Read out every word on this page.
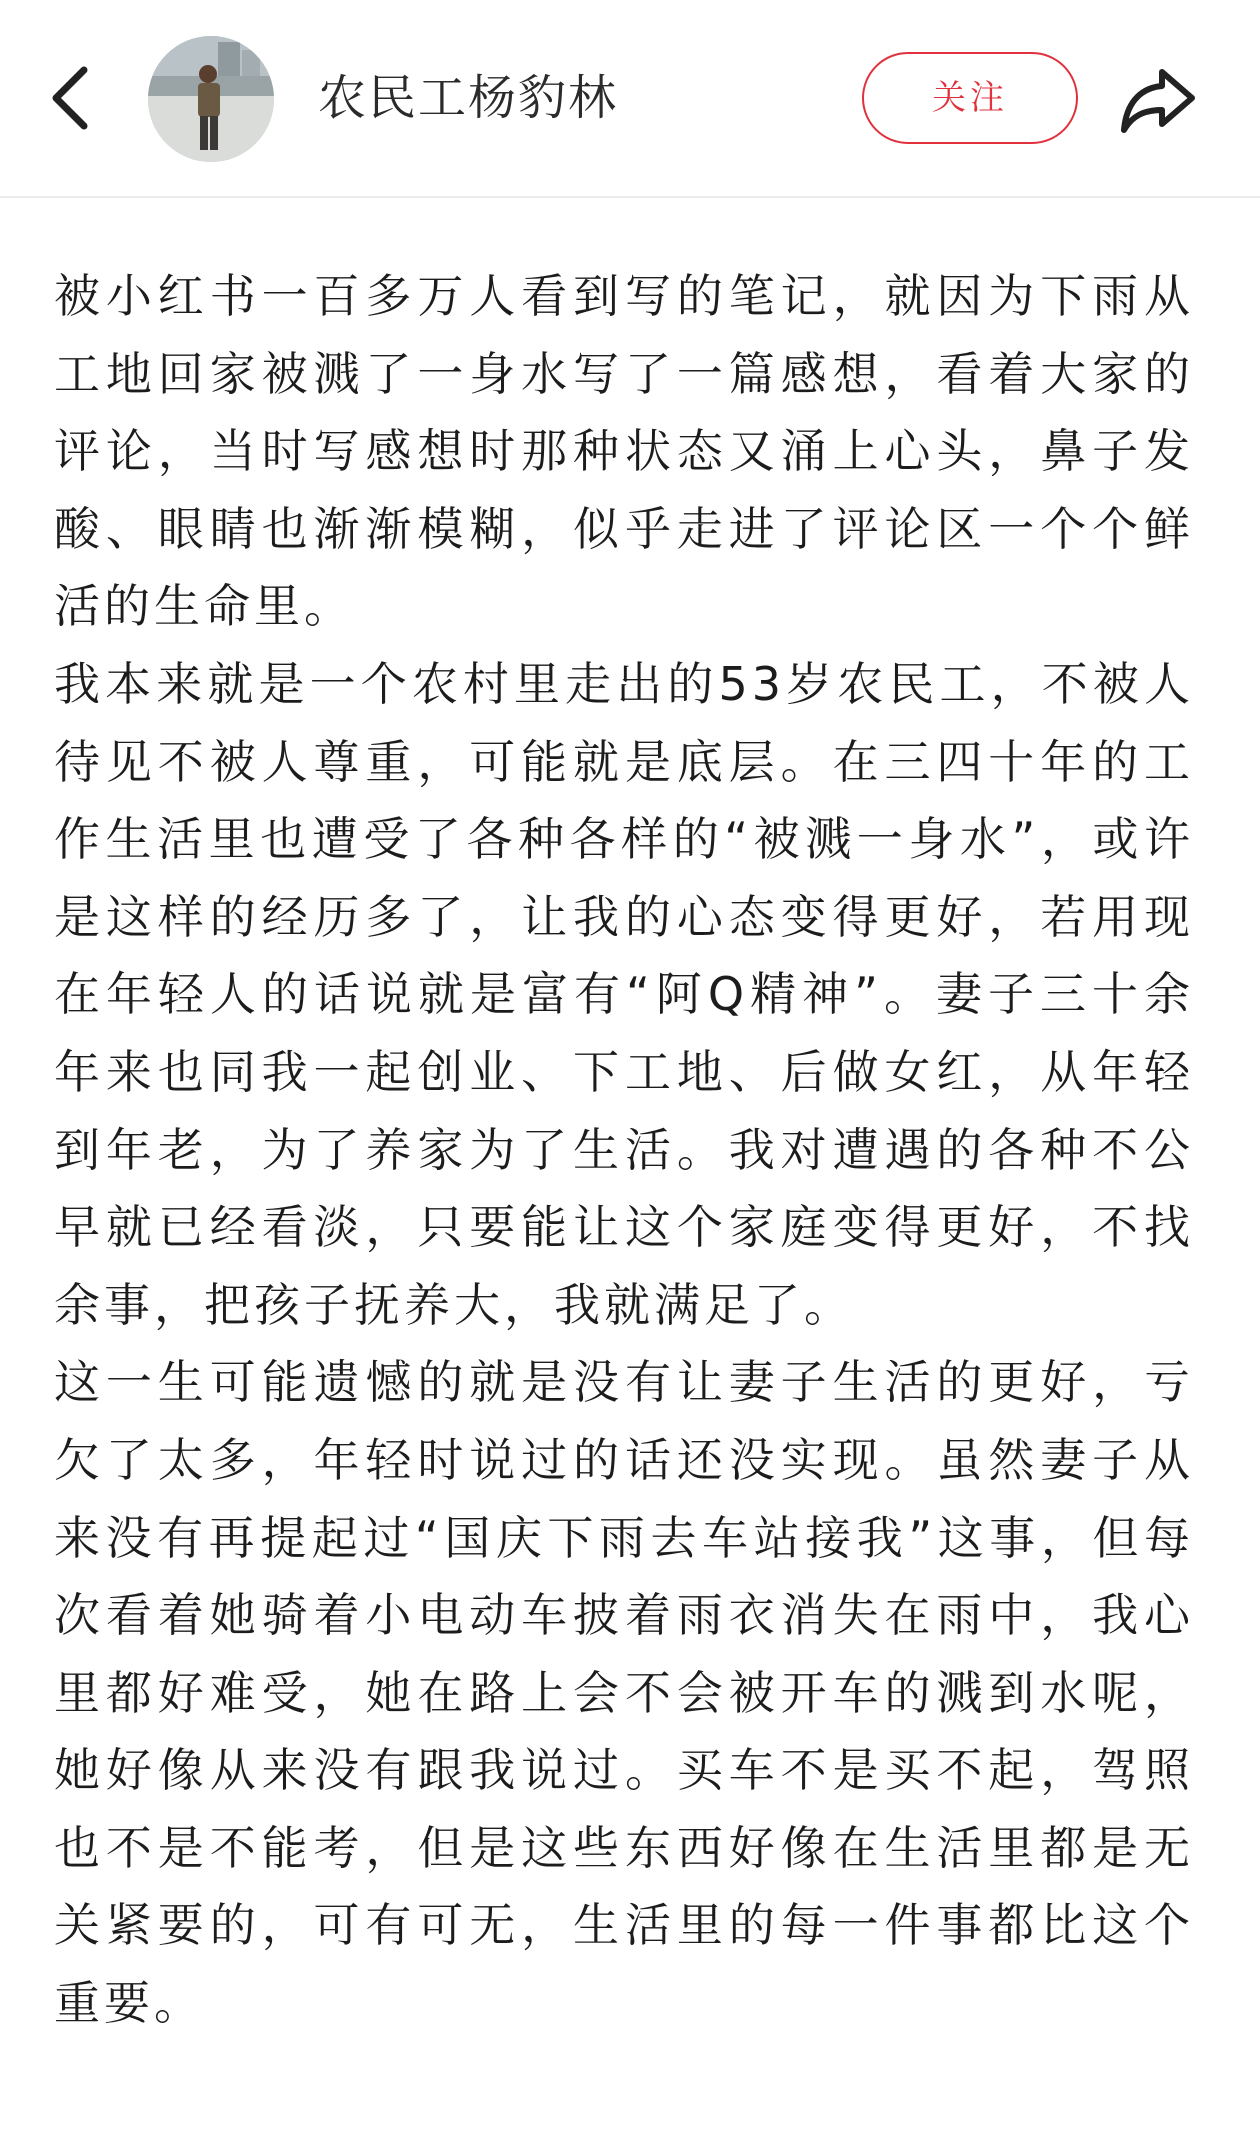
农民工杨豹林	关注

被小红书一百多万人看到写的笔记，就因为下雨从工地回家被溅了一身水写了一篇感想，看着大家的评论，当时写感想时那种状态又涌上心头，鼻子发酸、眼睛也渐渐模糊，似乎走进了评论区一个个鲜活的生命里。

我本来就是一个农村里走出的53岁农民工，不被人待见不被人尊重，可能就是底层。在三四十年的工作生活里也遭受了各种各样的“被溅一身水”，或许是这样的经历多了，让我的心态变得更好，若用现在年轻人的话说就是富有“阿Q精神”。妻子三十余年来也同我一起创业、下工地、后做女红，从年轻到年老，为了养家为了生活。我对遭遇的各种不公早就已经看淡，只要能让这个家庭变得更好，不找余事，把孩子抚养大，我就满足了。

这一生可能遗憾的就是没有让妻子生活的更好，亏欠了太多，年轻时说过的话还没实现。虽然妻子从来没有再提起过“国庆下雨去车站接我”这事，但每次看着她骑着小电动车披着雨衣消失在雨中，我心里都好难受，她在路上会不会被开车的溅到水呢，她好像从来没有跟我说过。买车不是买不起，驾照也不是不能考，但是这些东西好像在生活里都是无关紧要的，可有可无，生活里的每一件事都比这个重要。
